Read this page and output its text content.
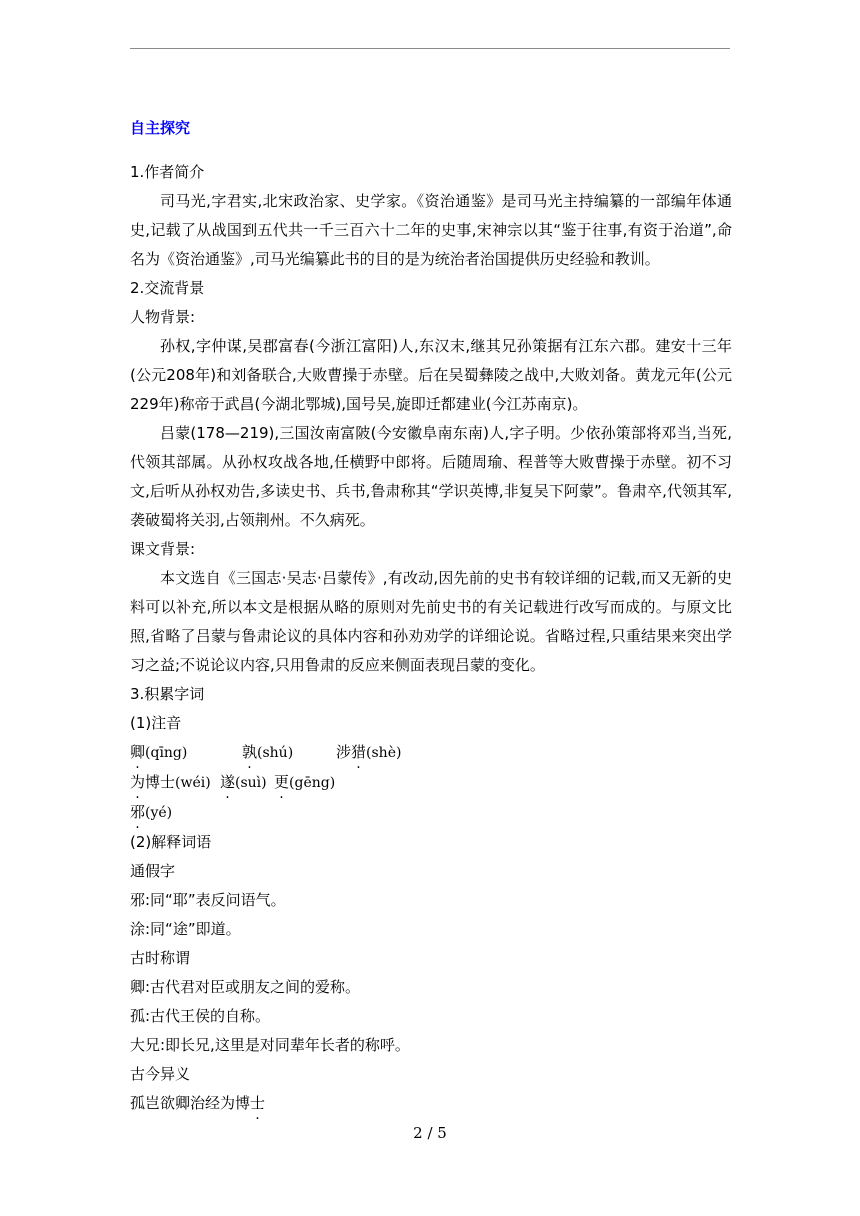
自主探究

1.作者简介

司马光,字君实,北宋政治家、史学家。《资治通鉴》是司马光主持编纂的一部编年体通史,记载了从战国到五代共一千三百六十二年的史事,宋神宗以其“鉴于往事,有资于治道”,命名为《资治通鉴》,司马光编纂此书的目的是为统治者治国提供历史经验和教训。

2.交流背景

人物背景:

孙权,字仲谋,吴郡富春(今浙江富阳)人,东汉末,继其兄孙策据有江东六郡。建安十三年(公元208年)和刘备联合,大败曹操于赤壁。后在吴蜀彝陵之战中,大败刘备。黄龙元年(公元229年)称帝于武昌(今湖北鄂城),国号吴,旋即迁都建业(今江苏南京)。

吕蒙(178—219),三国汝南富陂(今安徽阜南东南)人,字子明。少依孙策部将邓当,当死,代领其部属。从孙权攻战各地,任横野中郎将。后随周瑜、程普等大败曹操于赤壁。初不习文,后听从孙权劝告,多读史书、兵书,鲁肃称其“学识英博,非复吴下阿蒙”。鲁肃卒,代领其军,袭破蜀将关羽,占领荆州。不久病死。

课文背景:

本文选自《三国志·吴志·吕蒙传》,有改动,因先前的史书有较详细的记载,而又无新的史料可以补充,所以本文是根据从略的原则对先前史书的有关记载进行改写而成的。与原文比照,省略了吕蒙与鲁肃论议的具体内容和孙劝劝学的详细论说。省略过程,只重结果来突出学习之益;不说论议内容,只用鲁肃的反应来侧面表现吕蒙的变化。

3.积累字词

(1)注音

卿(qīng)	孰(shú)	涉猎(shè)

为博士(wéi) 遂(suì) 更(gēng)

邪(yé)

(2)解释词语

通假字

邪:同“耶”表反问语气。

涂:同“途”即道。

古时称谓

卿:古代君对臣或朋友之间的爱称。

孤:古代王侯的自称。

大兄:即长兄,这里是对同辈年长者的称呼。

古今异义

孤岂欲卿治经为博士

2 / 5
